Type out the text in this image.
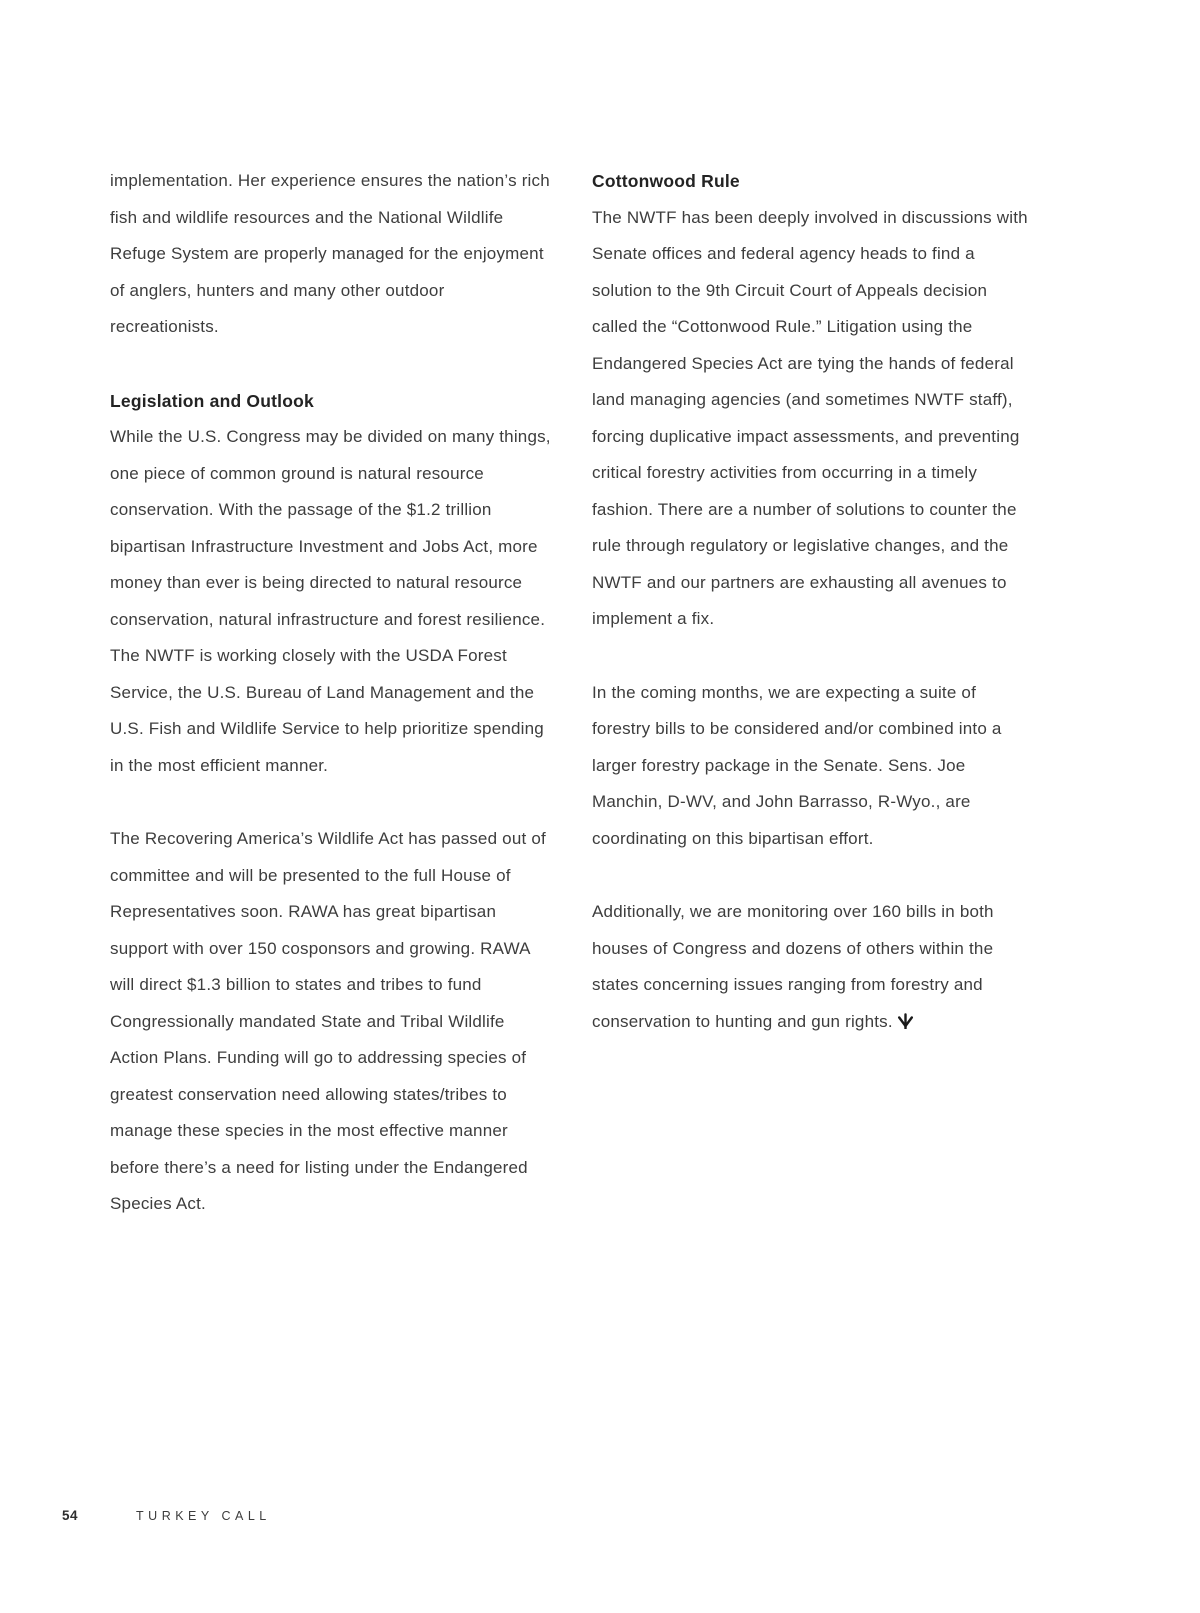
implementation. Her experience ensures the nation’s rich fish and wildlife resources and the National Wildlife Refuge System are properly managed for the enjoyment of anglers, hunters and many other outdoor recreationists.

Legislation and Outlook

While the U.S. Congress may be divided on many things, one piece of common ground is natural resource conservation. With the passage of the $1.2 trillion bipartisan Infrastructure Investment and Jobs Act, more money than ever is being directed to natural resource conservation, natural infrastructure and forest resilience. The NWTF is working closely with the USDA Forest Service, the U.S. Bureau of Land Management and the U.S. Fish and Wildlife Service to help prioritize spending in the most efficient manner.

The Recovering America’s Wildlife Act has passed out of committee and will be presented to the full House of Representatives soon. RAWA has great bipartisan support with over 150 cosponsors and growing. RAWA will direct $1.3 billion to states and tribes to fund Congressionally mandated State and Tribal Wildlife Action Plans. Funding will go to addressing species of greatest conservation need allowing states/tribes to manage these species in the most effective manner before there’s a need for listing under the Endangered Species Act.

Cottonwood Rule

The NWTF has been deeply involved in discussions with Senate offices and federal agency heads to find a solution to the 9th Circuit Court of Appeals decision called the “Cottonwood Rule.” Litigation using the Endangered Species Act are tying the hands of federal land managing agencies (and sometimes NWTF staff), forcing duplicative impact assessments, and preventing critical forestry activities from occurring in a timely fashion. There are a number of solutions to counter the rule through regulatory or legislative changes, and the NWTF and our partners are exhausting all avenues to implement a fix.

In the coming months, we are expecting a suite of forestry bills to be considered and/or combined into a larger forestry package in the Senate. Sens. Joe Manchin, D-WV, and John Barrasso, R-Wyo., are coordinating on this bipartisan effort.

Additionally, we are monitoring over 160 bills in both houses of Congress and dozens of others within the states concerning issues ranging from forestry and conservation to hunting and gun rights.

54	TURKEY CALL
